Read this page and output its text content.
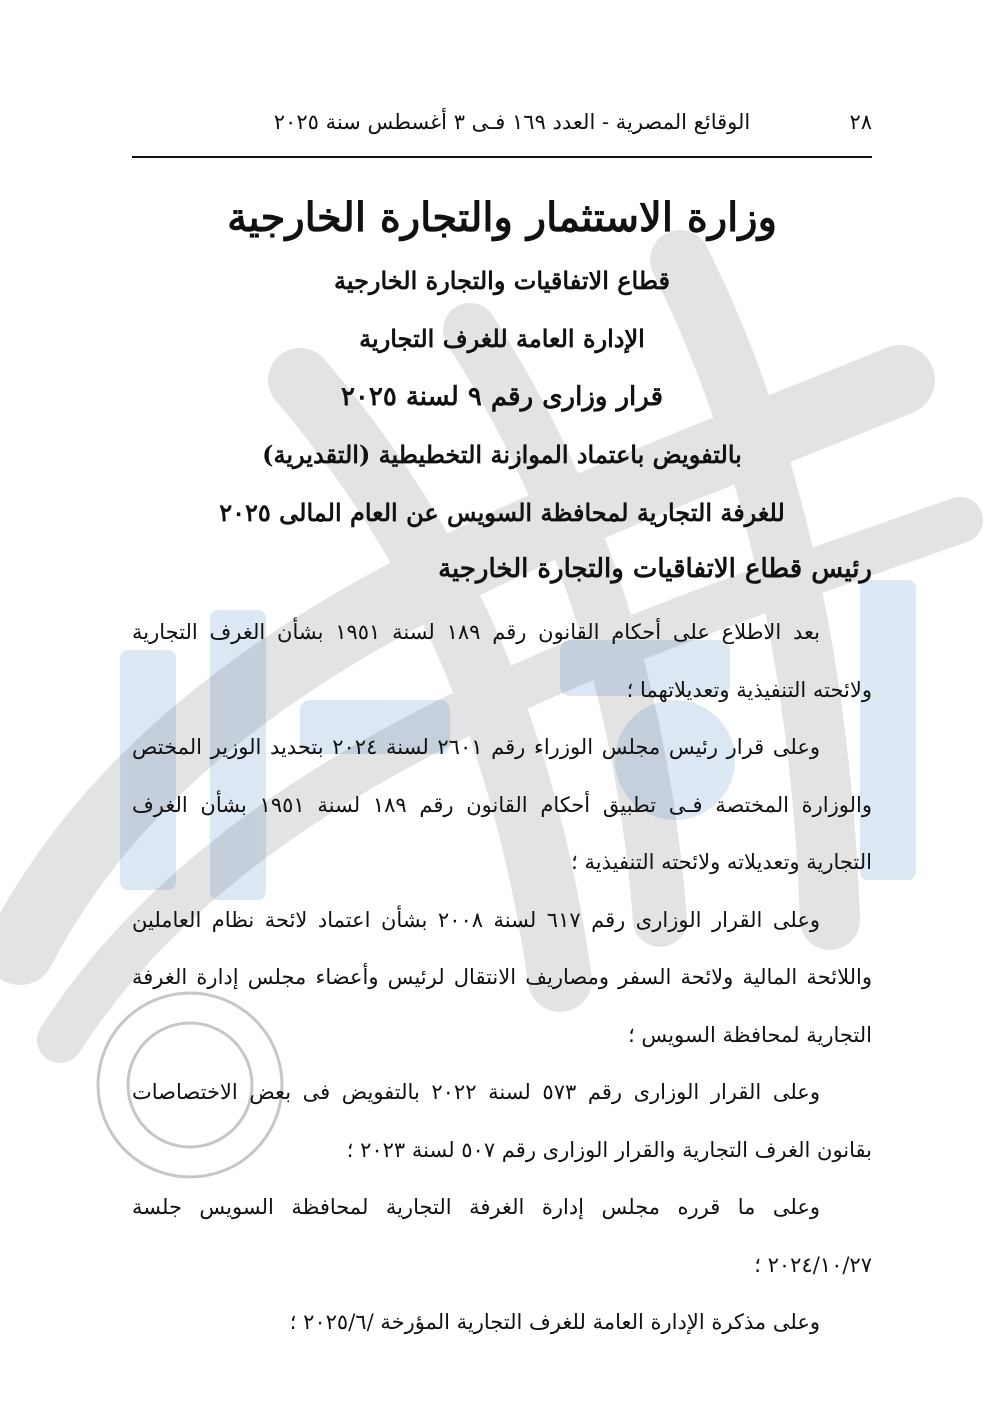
٢٨
الوقائع المصرية - العدد ١٦٩ فـى ٣ أغسطس سنة ٢٠٢٥
وزارة الاستثمار والتجارة الخارجية
قطاع الاتفاقيات والتجارة الخارجية
الإدارة العامة للغرف التجارية
قرار وزارى رقم ٩ لسنة ٢٠٢٥
بالتفويض باعتماد الموازنة التخطيطية (التقديرية)
للغرفة التجارية لمحافظة السويس عن العام المالى ٢٠٢٥
رئيس قطاع الاتفاقيات والتجارة الخارجية

بعد الاطلاع على أحكام القانون رقم ١٨٩ لسنة ١٩٥١ بشأن الغرف التجارية ولائحته التنفيذية وتعديلاتهما ؛

وعلى قرار رئيس مجلس الوزراء رقم ٢٦٠١ لسنة ٢٠٢٤ بتحديد الوزير المختص والوزارة المختصة فـى تطبيق أحكام القانون رقم ١٨٩ لسنة ١٩٥١ بشأن الغرف التجارية وتعديلاته ولائحته التنفيذية ؛

وعلى القرار الوزارى رقم ٦١٧ لسنة ٢٠٠٨ بشأن اعتماد لائحة نظام العاملين واللائحة المالية ولائحة السفر ومصاريف الانتقال لرئيس وأعضاء مجلس إدارة الغرفة التجارية لمحافظة السويس ؛

وعلى القرار الوزارى رقم ٥٧٣ لسنة ٢٠٢٢ بالتفويض فى بعض الاختصاصات بقانون الغرف التجارية والقرار الوزارى رقم ٥٠٧ لسنة ٢٠٢٣ ؛

وعلى ما قرره مجلس إدارة الغرفة التجارية لمحافظة السويس جلسة ٢٠٢٤/١٠/٢٧ ؛

وعلى مذكرة الإدارة العامة للغرف التجارية المؤرخة /٢٠٢٥/٦ ؛
